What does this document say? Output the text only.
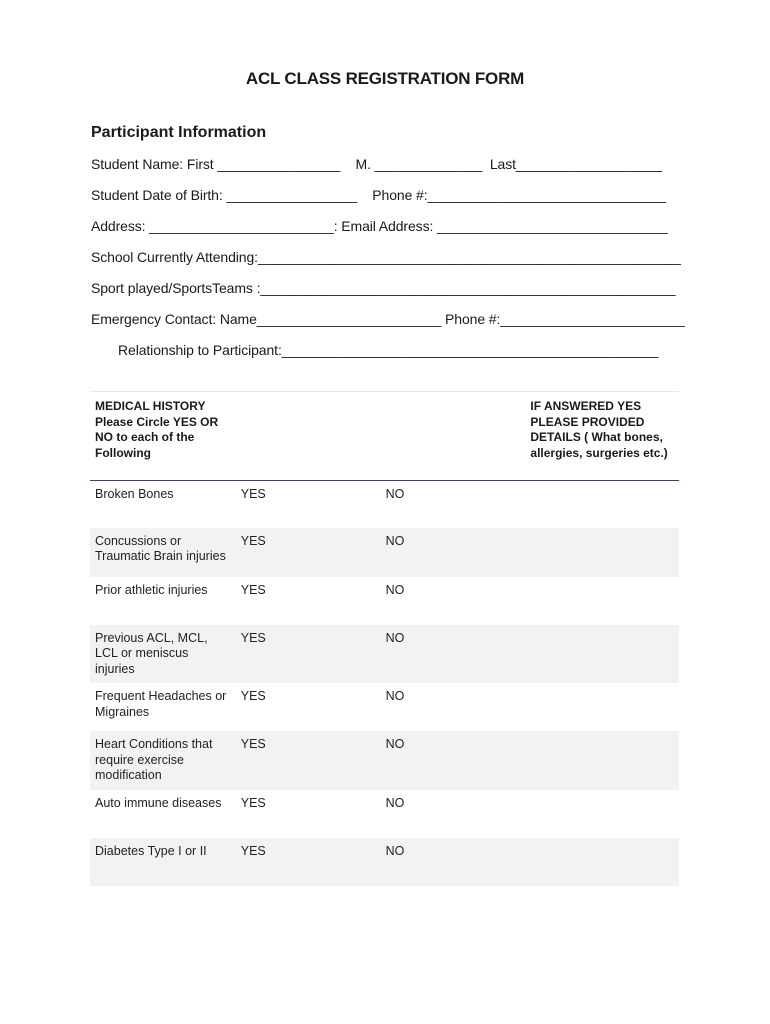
ACL CLASS REGISTRATION FORM
Participant Information
Student Name: First ________________    M. ______________  Last___________________
Student Date of Birth: _________________    Phone #:_______________________________
Address: ________________________: Email Address: ______________________________
School Currently Attending:_______________________________________________________
Sport played/SportsTeams :______________________________________________________
Emergency Contact: Name________________________ Phone #:________________________
Relationship to Participant:_________________________________________________
MEDICAL HISTORY Please Circle YES OR NO to each of the Following			IF ANSWERED YES PLEASE PROVIDED DETAILS ( What bones, allergies, surgeries etc.)
Broken Bones	YES	NO	
Concussions or Traumatic Brain injuries	YES	NO	
Prior athletic injuries	YES	NO	
Previous ACL, MCL, LCL or meniscus injuries	YES	NO	
Frequent Headaches or Migraines	YES	NO	
Heart Conditions that require exercise modification	YES	NO	
Auto immune diseases	YES	NO	
Diabetes Type I or II	YES	NO	
